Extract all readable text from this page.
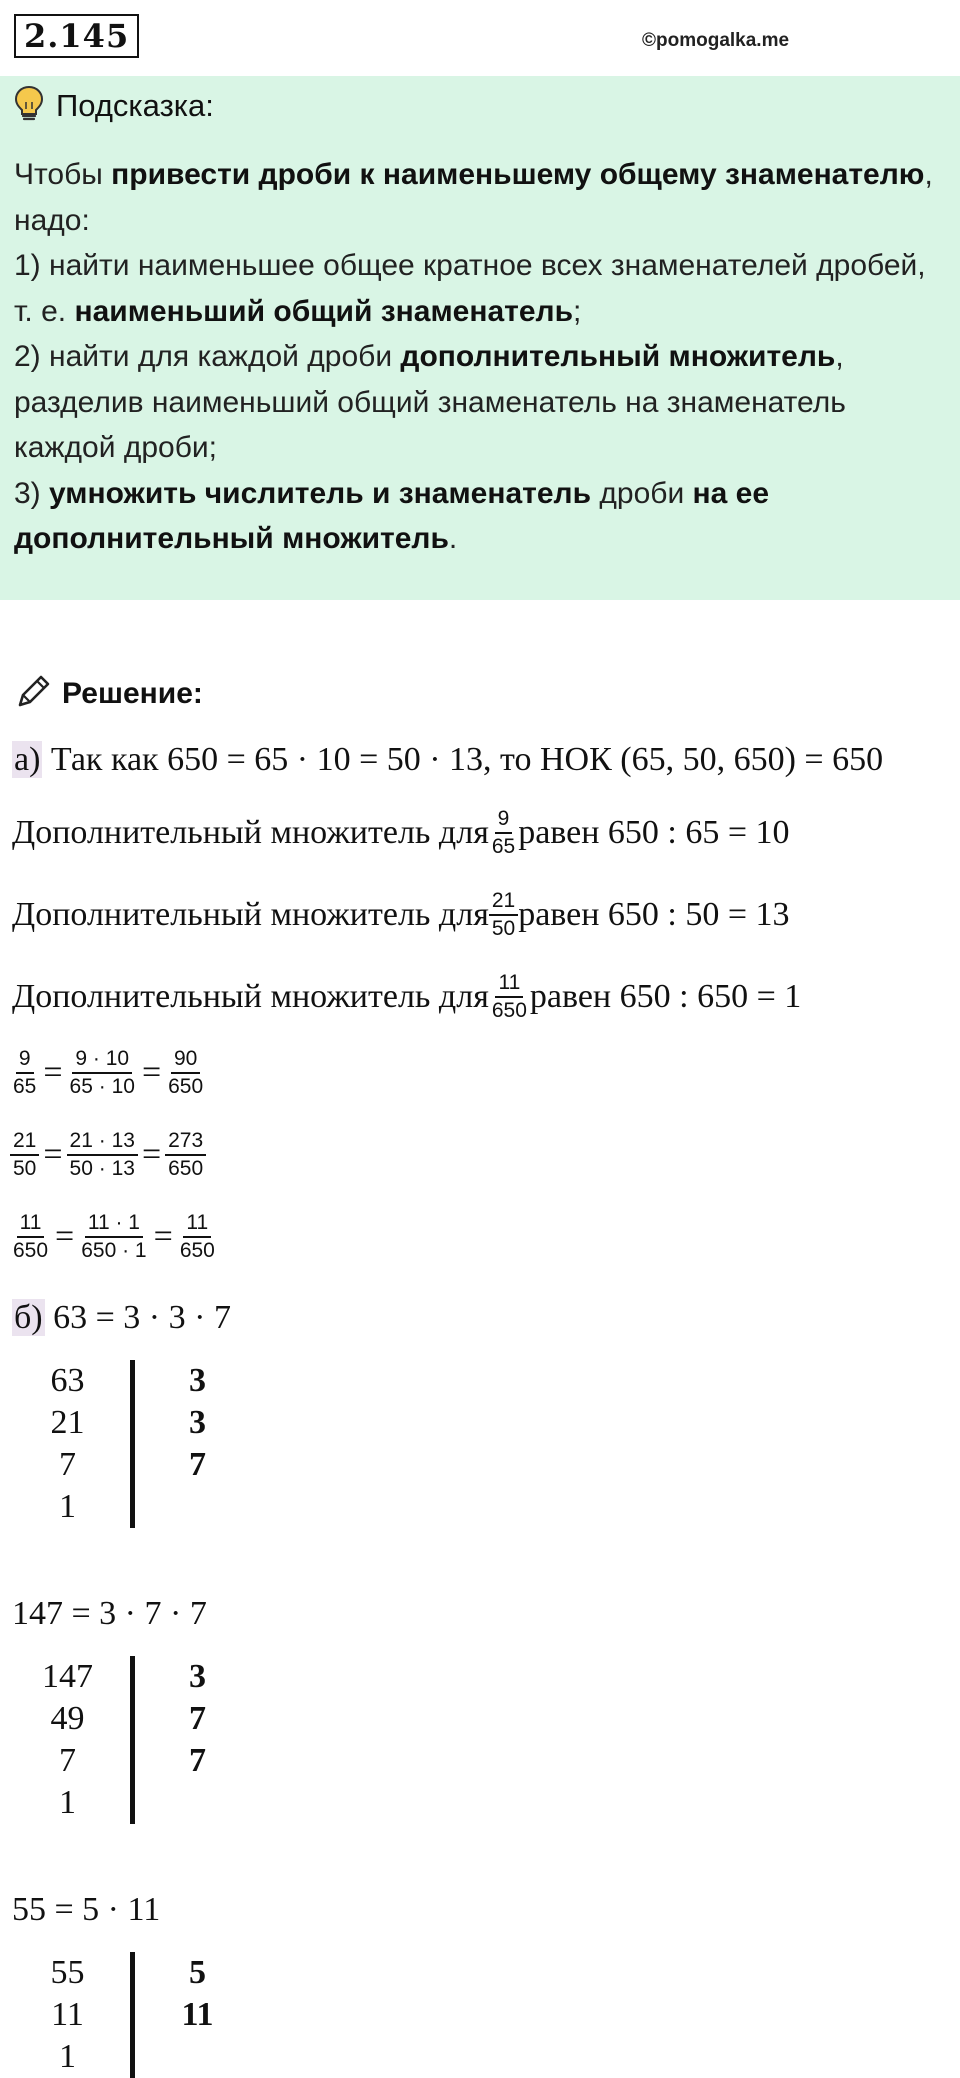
2.145	©pomogalka.me
Подсказка:
Чтобы привести дроби к наименьшему общему знаменателю, надо:
1) найти наименьшее общее кратное всех знаменателей дробей, т. е. наименьший общий знаменатель;
2) найти для каждой дроби дополнительный множитель, разделив наименьший общий знаменатель на знаменатель каждой дроби;
3) умножить числитель и знаменатель дроби на ее дополнительный множитель.
Решение:
а) Так как 650 = 65 · 10 = 50 · 13, то НОК (65, 50, 650) = 650
Дополнительный множитель для $\frac{9}{65}$ равен 650 : 65 = 10
Дополнительный множитель для $\frac{21}{50}$ равен 650 : 50 = 13
Дополнительный множитель для $\frac{11}{650}$ равен 650 : 650 = 1
$\frac{9}{65} = \frac{9 \cdot 10}{65 \cdot 10} = \frac{90}{650}$
$\frac{21}{50} = \frac{21 \cdot 13}{50 \cdot 13} = \frac{273}{650}$
$\frac{11}{650} = \frac{11 \cdot 1}{650 \cdot 1} = \frac{11}{650}$
б) 63 = 3 · 3 · 7
63
21
7
1
3
3
7
147 = 3 · 7 · 7
147
49
7
1
3
7
7
55 = 5 · 11
55
11
1
5
11
